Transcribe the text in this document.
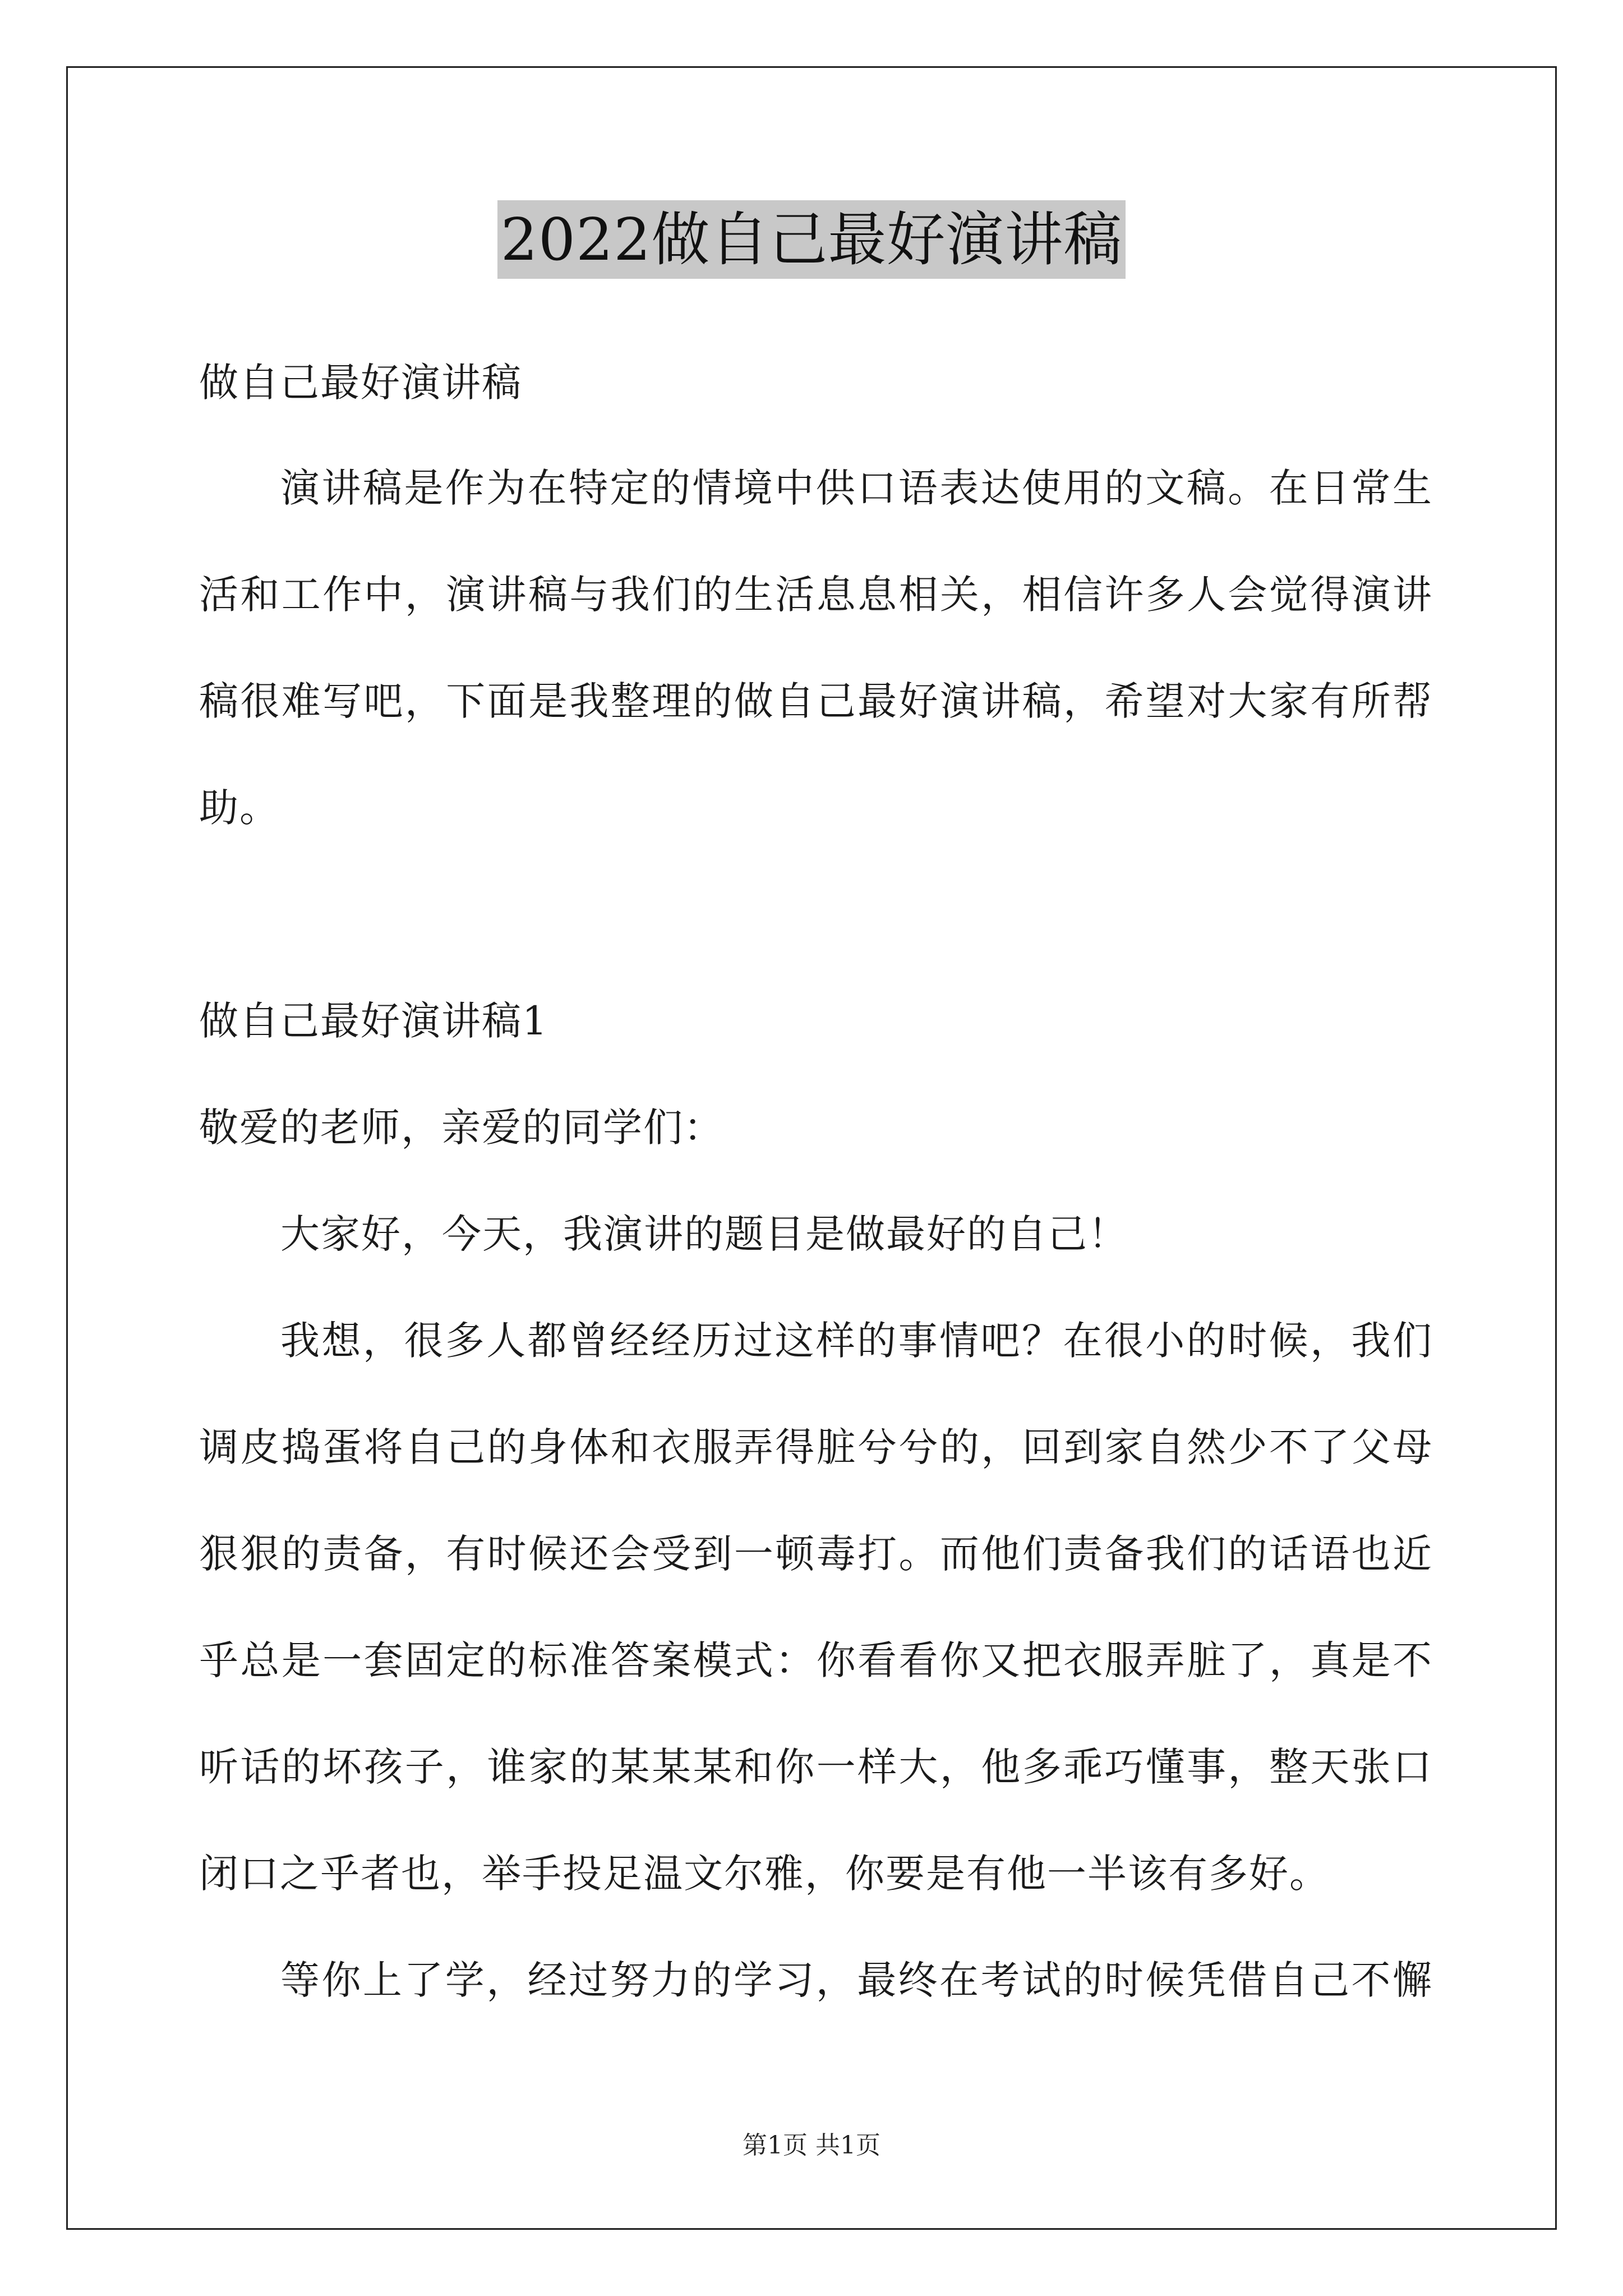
2022做自己最好演讲稿
做自己最好演讲稿
演讲稿是作为在特定的情境中供口语表达使用的文稿。在日常生
活和工作中，演讲稿与我们的生活息息相关，相信许多人会觉得演讲
稿很难写吧，下面是我整理的做自己最好演讲稿，希望对大家有所帮
助。
做自己最好演讲稿1
敬爱的老师，亲爱的同学们：
大家好，今天，我演讲的题目是做最好的自己！
我想，很多人都曾经经历过这样的事情吧？在很小的时候，我们
调皮捣蛋将自己的身体和衣服弄得脏兮兮的，回到家自然少不了父母
狠狠的责备，有时候还会受到一顿毒打。而他们责备我们的话语也近
乎总是一套固定的标准答案模式：你看看你又把衣服弄脏了，真是不
听话的坏孩子，谁家的某某某和你一样大，他多乖巧懂事，整天张口
闭口之乎者也，举手投足温文尔雅，你要是有他一半该有多好。
等你上了学，经过努力的学习，最终在考试的时候凭借自己不懈
第1页 共1页
